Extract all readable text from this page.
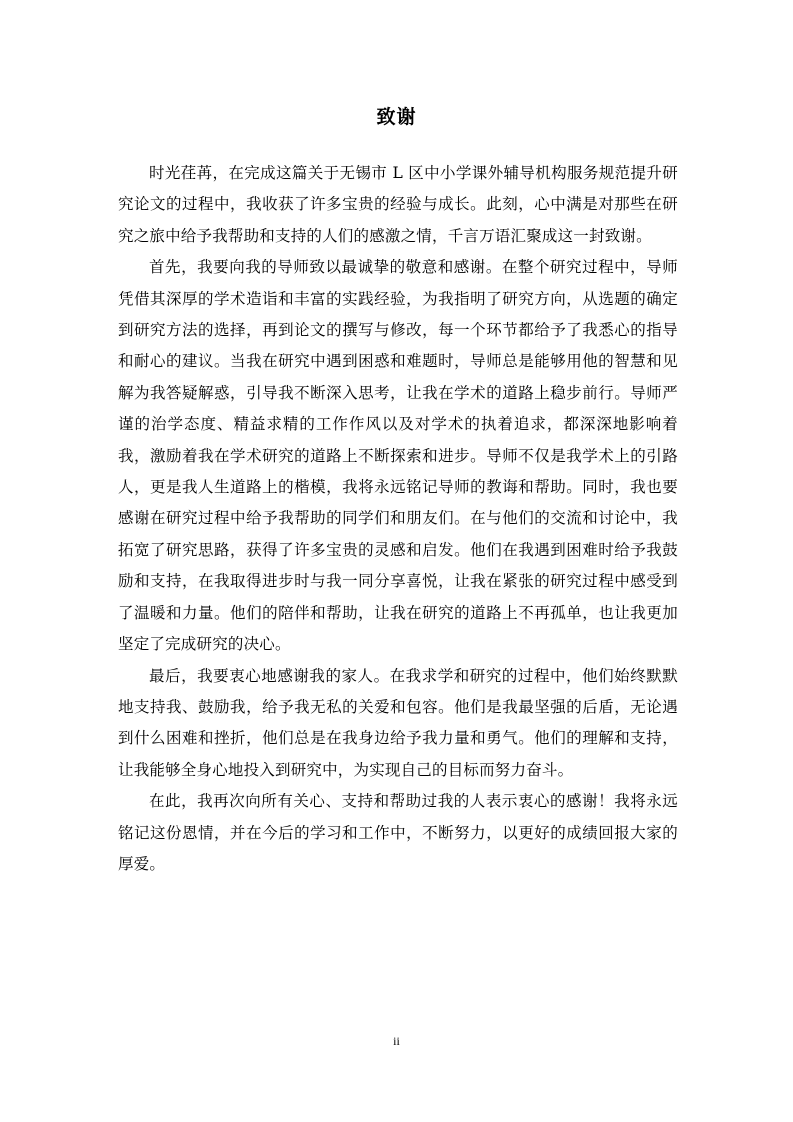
致谢

时光荏苒，在完成这篇关于无锡市 L 区中小学课外辅导机构服务规范提升研究论文的过程中，我收获了许多宝贵的经验与成长。此刻，心中满是对那些在研究之旅中给予我帮助和支持的人们的感激之情，千言万语汇聚成这一封致谢。

首先，我要向我的导师致以最诚挚的敬意和感谢。在整个研究过程中，导师凭借其深厚的学术造诣和丰富的实践经验，为我指明了研究方向，从选题的确定到研究方法的选择，再到论文的撰写与修改，每一个环节都给予了我悉心的指导和耐心的建议。当我在研究中遇到困惑和难题时，导师总是能够用他的智慧和见解为我答疑解惑，引导我不断深入思考，让我在学术的道路上稳步前行。导师严谨的治学态度、精益求精的工作作风以及对学术的执着追求，都深深地影响着我，激励着我在学术研究的道路上不断探索和进步。导师不仅是我学术上的引路人，更是我人生道路上的楷模，我将永远铭记导师的教诲和帮助。同时，我也要感谢在研究过程中给予我帮助的同学们和朋友们。在与他们的交流和讨论中，我拓宽了研究思路，获得了许多宝贵的灵感和启发。他们在我遇到困难时给予我鼓励和支持，在我取得进步时与我一同分享喜悦，让我在紧张的研究过程中感受到了温暖和力量。他们的陪伴和帮助，让我在研究的道路上不再孤单，也让我更加坚定了完成研究的决心。

最后，我要衷心地感谢我的家人。在我求学和研究的过程中，他们始终默默地支持我、鼓励我，给予我无私的关爱和包容。他们是我最坚强的后盾，无论遇到什么困难和挫折，他们总是在我身边给予我力量和勇气。他们的理解和支持，让我能够全身心地投入到研究中，为实现自己的目标而努力奋斗。

在此，我再次向所有关心、支持和帮助过我的人表示衷心的感谢！我将永远铭记这份恩情，并在今后的学习和工作中，不断努力，以更好的成绩回报大家的厚爱。

ii
